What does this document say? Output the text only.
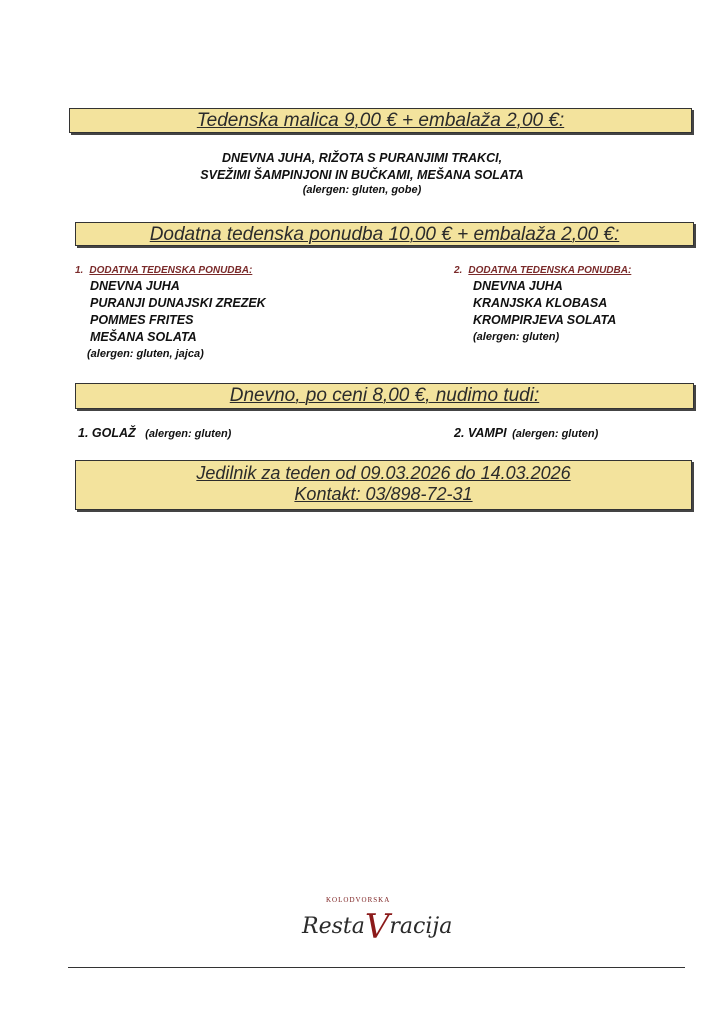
Tedenska malica 9,00 € + embalaža 2,00 €:
DNEVNA JUHA, RIŽOTA S PURANJIMI TRAKCI,
SVEŽIMI ŠAMPINJONI IN BUČKAMI, MEŠANA SOLATA
(alergen: gluten, gobe)
Dodatna tedenska ponudba 10,00 € + embalaža 2,00 €:
1. DODATNA TEDENSKA PONUDBA:
DNEVNA JUHA
PURANJI DUNAJSKI ZREZEK
POMMES FRITES
MEŠANA SOLATA
(alergen: gluten, jajca)
2. DODATNA TEDENSKA PONUDBA:
DNEVNA JUHA
KRANJSKA KLOBASA
KROMPIRJEVA SOLATA
(alergen: gluten)
Dnevno, po ceni 8,00 €, nudimo tudi:
1. GOLAŽ (alergen: gluten)	2. VAMPI (alergen: gluten)
Jedilnik za teden od 09.03.2026 do 14.03.2026
Kontakt: 03/898-72-31
KOLODVORSKA
RestaVracija
